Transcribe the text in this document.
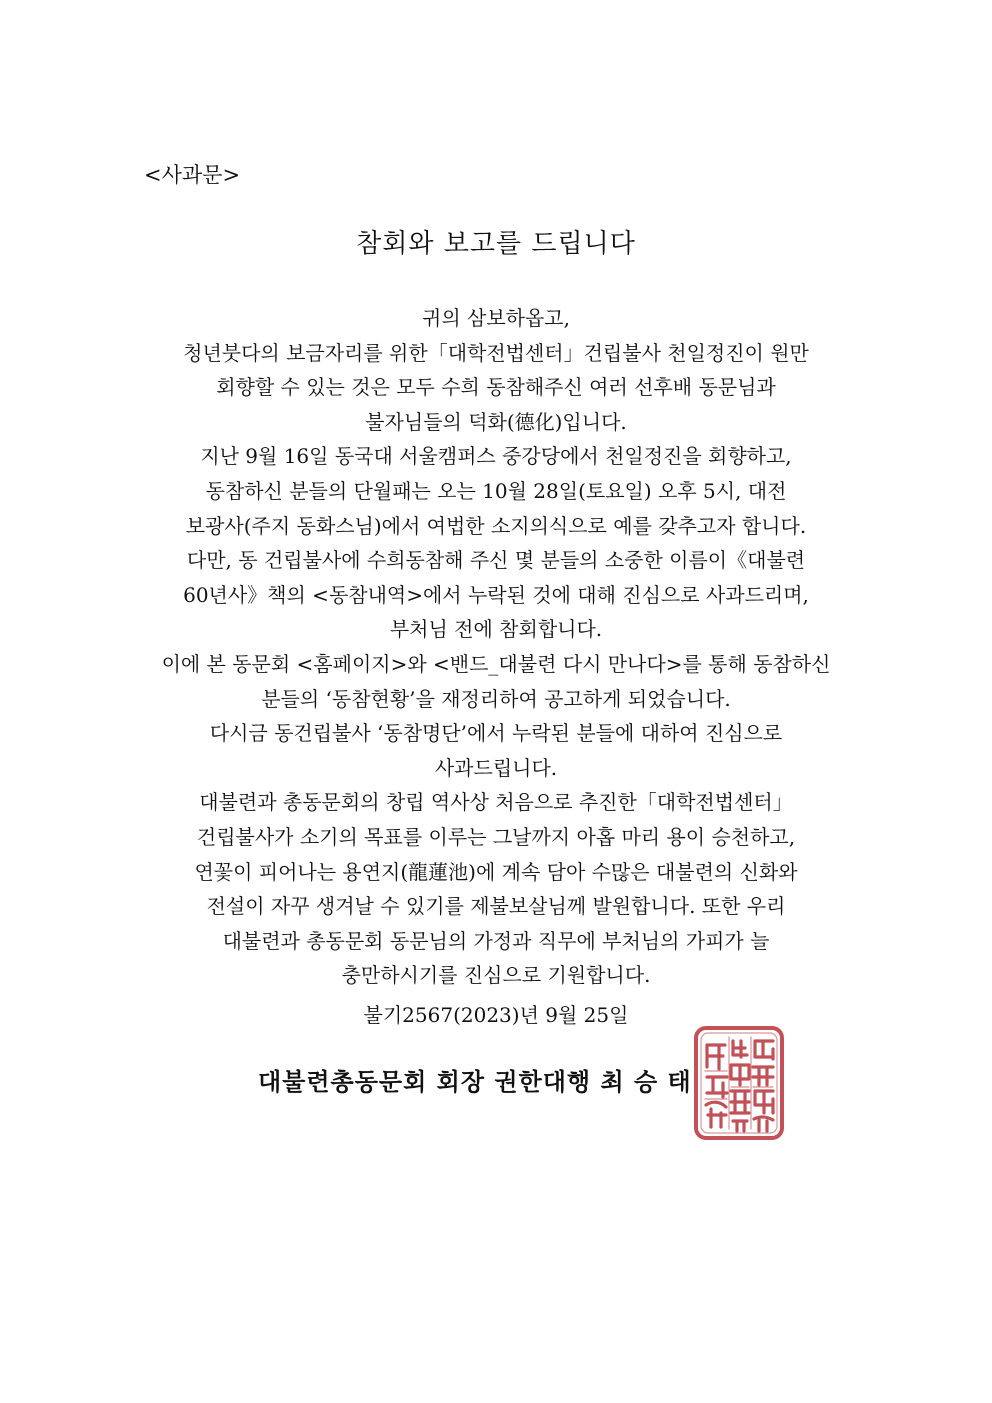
<사과문>
참회와 보고를 드립니다
귀의 삼보하옵고,
청년붓다의 보금자리를 위한「대학전법센터」건립불사 천일정진이 원만
회향할 수 있는 것은 모두 수희 동참해주신 여러 선후배 동문님과
불자님들의 덕화(德化)입니다.
지난 9월 16일 동국대 서울캠퍼스 중강당에서 천일정진을 회향하고,
동참하신 분들의 단월패는 오는 10월 28일(토요일) 오후 5시, 대전
보광사(주지 동화스님)에서 여법한 소지의식으로 예를 갖추고자 합니다.
다만, 동 건립불사에 수희동참해 주신 몇 분들의 소중한 이름이《대불련
60년사》책의 <동참내역>에서 누락된 것에 대해 진심으로 사과드리며,
부처님 전에 참회합니다.
이에 본 동문회 <홈페이지>와 <밴드_대불련 다시 만나다>를 통해 동참하신
분들의 ‘동참현황’을 재정리하여 공고하게 되었습니다.
다시금 동건립불사 ‘동참명단’에서 누락된 분들에 대하여 진심으로
사과드립니다.
대불련과 총동문회의 창립 역사상 처음으로 추진한「대학전법센터」
건립불사가 소기의 목표를 이루는 그날까지 아홉 마리 용이 승천하고,
연꽃이 피어나는 용연지(龍蓮池)에 계속 담아 수많은 대불련의 신화와
전설이 자꾸 생겨날 수 있기를 제불보살님께 발원합니다. 또한 우리
대불련과 총동문회 동문님의 가정과 직무에 부처님의 가피가 늘
충만하시기를 진심으로 기원합니다.
불기2567(2023)년 9월 25일
대불련총동문회 회장 권한대행 최 승 태
